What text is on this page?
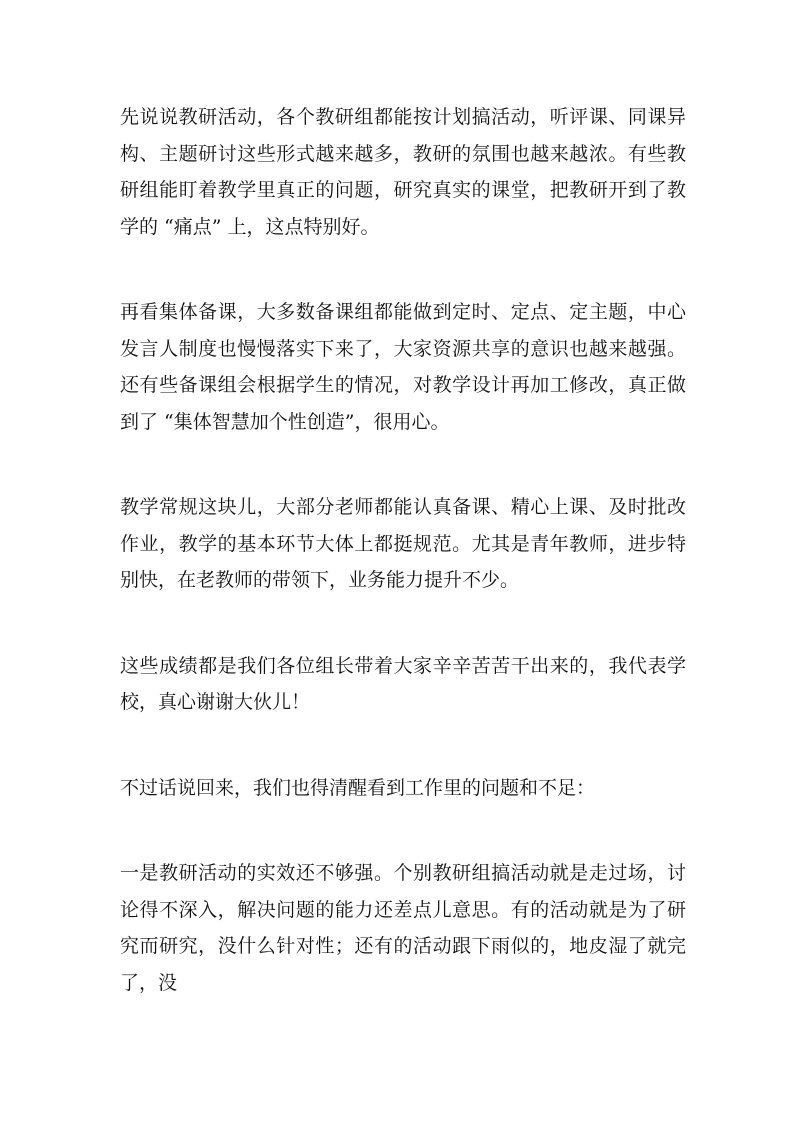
先说说教研活动，各个教研组都能按计划搞活动，听评课、同课异构、主题研讨这些形式越来越多，教研的氛围也越来越浓。有些教研组能盯着教学里真正的问题，研究真实的课堂，把教研开到了教学的 “痛点” 上，这点特别好。

再看集体备课，大多数备课组都能做到定时、定点、定主题，中心发言人制度也慢慢落实下来了，大家资源共享的意识也越来越强。还有些备课组会根据学生的情况，对教学设计再加工修改，真正做到了 “集体智慧加个性创造”，很用心。

教学常规这块儿，大部分老师都能认真备课、精心上课、及时批改作业，教学的基本环节大体上都挺规范。尤其是青年教师，进步特别快，在老教师的带领下，业务能力提升不少。

这些成绩都是我们各位组长带着大家辛辛苦苦干出来的，我代表学校，真心谢谢大伙儿！

不过话说回来，我们也得清醒看到工作里的问题和不足：

一是教研活动的实效还不够强。个别教研组搞活动就是走过场，讨论得不深入，解决问题的能力还差点儿意思。有的活动就是为了研究而研究，没什么针对性；还有的活动跟下雨似的，地皮湿了就完了，没
